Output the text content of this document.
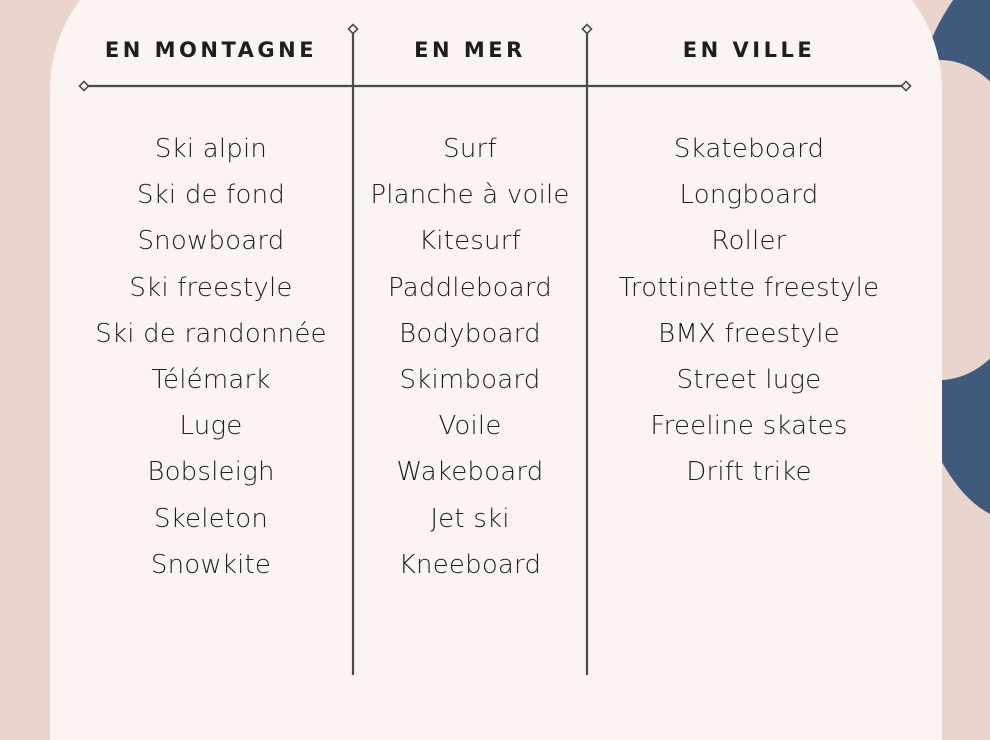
EN MONTAGNE	EN MER	EN VILLE
Ski alpin
Ski de fond
Snowboard
Ski freestyle
Ski de randonnée
Télémark
Luge
Bobsleigh
Skeleton
Snowkite
Surf
Planche à voile
Kitesurf
Paddleboard
Bodyboard
Skimboard
Voile
Wakeboard
Jet ski
Kneeboard
Skateboard
Longboard
Roller
Trottinette freestyle
BMX freestyle
Street luge
Freeline skates
Drift trike
